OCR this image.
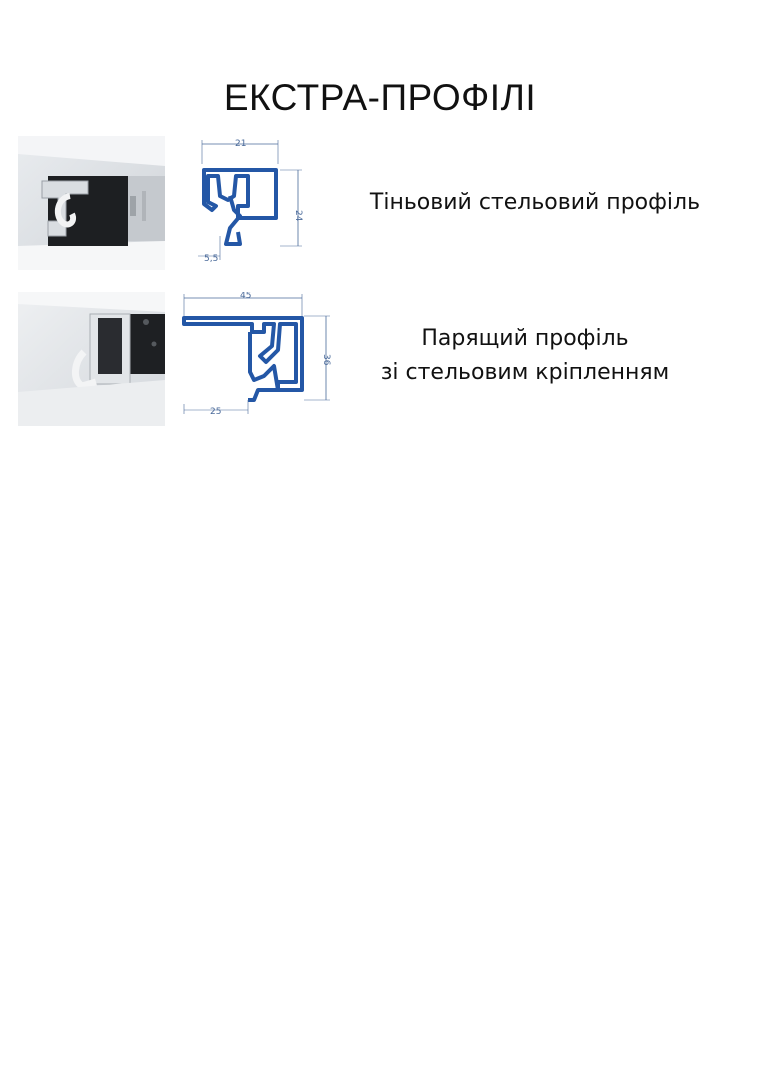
ЕКСТРА-ПРОФІЛІ
21
24
5,5
Тіньовий стельовий профіль
45
36
25
Парящий профіль
зі стельовим кріпленням
